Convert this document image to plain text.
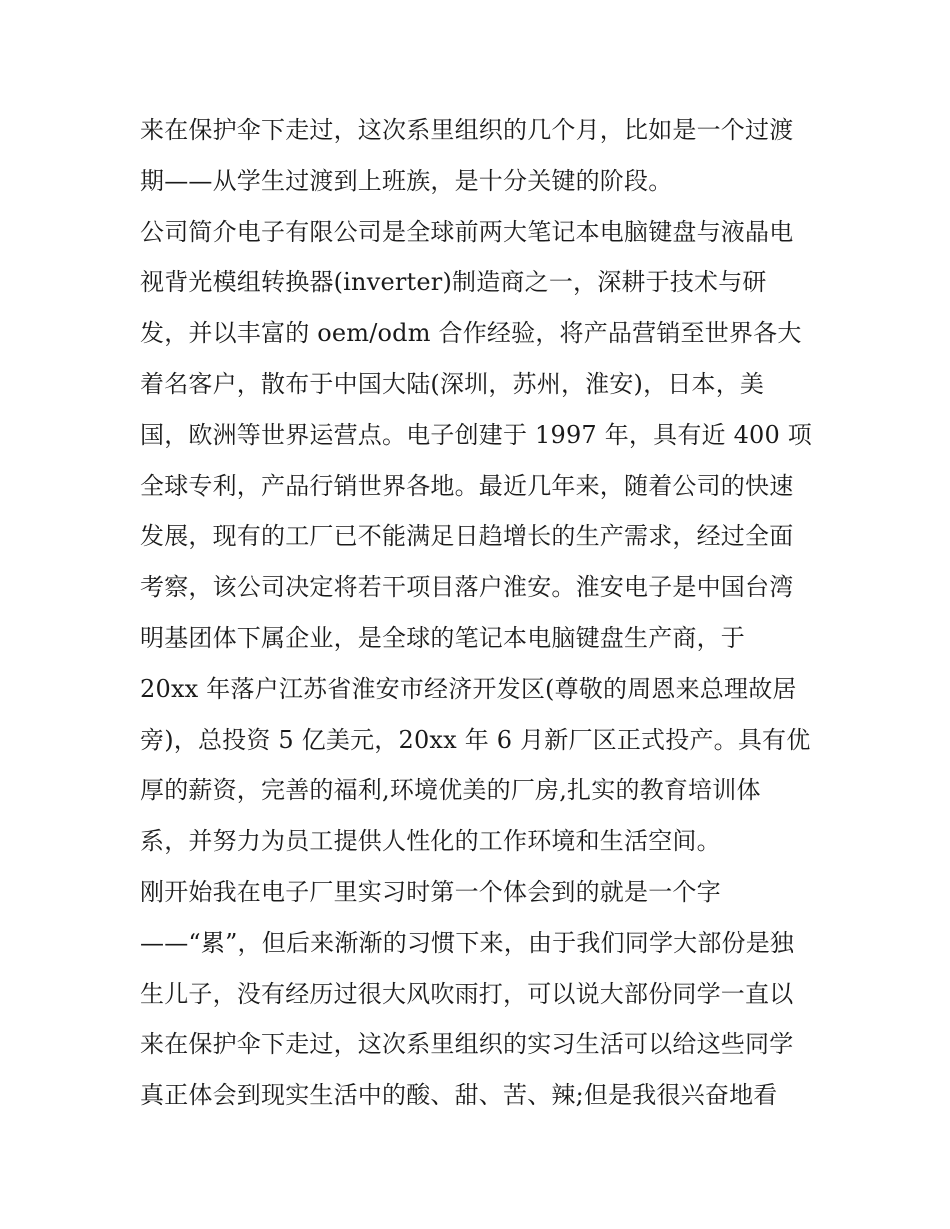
来在保护伞下走过，这次系里组织的几个月，比如是一个过渡
期——从学生过渡到上班族，是十分关键的阶段。
公司简介电子有限公司是全球前两大笔记本电脑键盘与液晶电
视背光模组转换器(inverter)制造商之一，深耕于技术与研
发，并以丰富的 oem/odm 合作经验，将产品营销至世界各大
着名客户，散布于中国大陆(深圳，苏州，淮安)，日本，美
国，欧洲等世界运营点。电子创建于 1997 年，具有近 400 项
全球专利，产品行销世界各地。最近几年来，随着公司的快速
发展，现有的工厂已不能满足日趋增长的生产需求，经过全面
考察，该公司决定将若干项目落户淮安。淮安电子是中国台湾
明基团体下属企业，是全球的笔记本电脑键盘生产商，于
20xx 年落户江苏省淮安市经济开发区(尊敬的周恩来总理故居
旁)，总投资 5 亿美元，20xx 年 6 月新厂区正式投产。具有优
厚的薪资，完善的福利,环境优美的厂房,扎实的教育培训体
系，并努力为员工提供人性化的工作环境和生活空间。
刚开始我在电子厂里实习时第一个体会到的就是一个字
——“累”，但后来渐渐的习惯下来，由于我们同学大部份是独
生儿子，没有经历过很大风吹雨打，可以说大部份同学一直以
来在保护伞下走过，这次系里组织的实习生活可以给这些同学
真正体会到现实生活中的酸、甜、苦、辣;但是我很兴奋地看
